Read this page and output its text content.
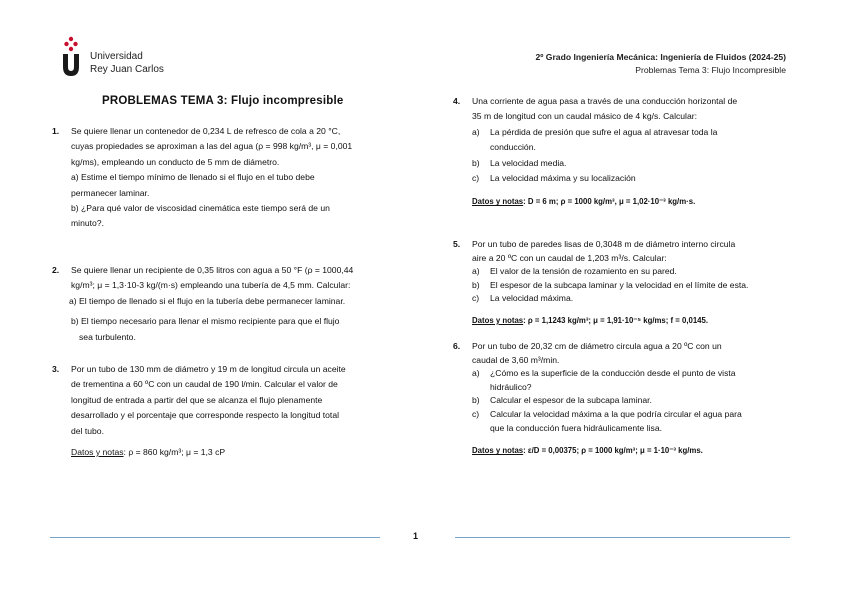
Universidad
Rey Juan Carlos
2º Grado Ingeniería Mecánica: Ingeniería de Fluidos (2024-25)
Problemas Tema 3: Flujo Incompresible
PROBLEMAS TEMA 3: Flujo incompresible
1. Se quiere llenar un contenedor de 0,234 L de refresco de cola a 20 °C,
cuyas propiedades se aproximan a las del agua (ρ = 998 kg/m³, μ = 0,001
kg/ms), empleando un conducto de 5 mm de diámetro.
a) Estime el tiempo mínimo de llenado si el flujo en el tubo debe
permanecer laminar.
b) ¿Para qué valor de viscosidad cinemática este tiempo será de un
minuto?.
2. Se quiere llenar un recipiente de 0,35 litros con agua a 50 °F (ρ = 1000,44
kg/m³; μ = 1,3·10-3 kg/(m·s) empleando una tubería de 4,5 mm. Calcular:
a) El tiempo de llenado si el flujo en la tubería debe permanecer laminar.
b) El tiempo necesario para llenar el mismo recipiente para que el flujo
sea turbulento.
3. Por un tubo de 130 mm de diámetro y 19 m de longitud circula un aceite
de trementina a 60 ºC con un caudal de 190 l/min. Calcular el valor de
longitud de entrada a partir del que se alcanza el flujo plenamente
desarrollado y el porcentaje que corresponde respecto la longitud total
del tubo.
Datos y notas: ρ = 860 kg/m³; μ = 1,3 cP
4. Una corriente de agua pasa a través de una conducción horizontal de
35 m de longitud con un caudal másico de 4 kg/s. Calcular:
a) La pérdida de presión que sufre el agua al atravesar toda la
conducción.
b) La velocidad media.
c) La velocidad máxima y su localización
Datos y notas: D = 6 m; ρ = 1000 kg/m³, μ = 1,02·10⁻³ kg/m·s.
5. Por un tubo de paredes lisas de 0,3048 m de diámetro interno circula
aire a 20 ºC con un caudal de 1,203 m³/s. Calcular:
a) El valor de la tensión de rozamiento en su pared.
b) El espesor de la subcapa laminar y la velocidad en el límite de esta.
c) La velocidad máxima.
Datos y notas: ρ = 1,1243 kg/m³; μ = 1,91·10⁻⁵ kg/ms; f = 0,0145.
6. Por un tubo de 20,32 cm de diámetro circula agua a 20 ºC con un
caudal de 3,60 m³/min.
a) ¿Cómo es la superficie de la conducción desde el punto de vista
hidráulico?
b) Calcular el espesor de la subcapa laminar.
c) Calcular la velocidad máxima a la que podría circular el agua para
que la conducción fuera hidráulicamente lisa.
Datos y notas: ε/D = 0,00375; ρ = 1000 kg/m³; μ = 1·10⁻³ kg/ms.
1
